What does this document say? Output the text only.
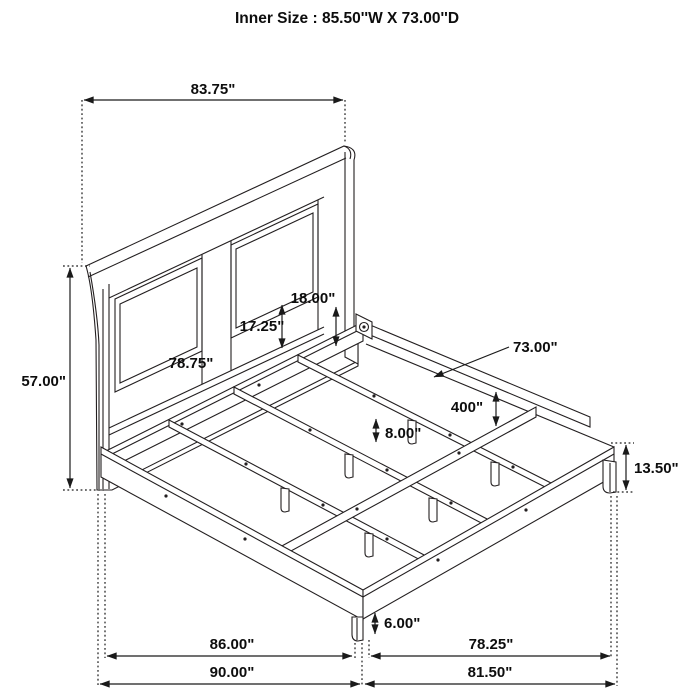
Inner Size : 85.50''W X 73.00''D
83.75"
57.00"
18.00"
17.25"
78.75"
73.00"
400"
8.00"
13.50"
6.00"
86.00"
90.00"
78.25"
81.50"
